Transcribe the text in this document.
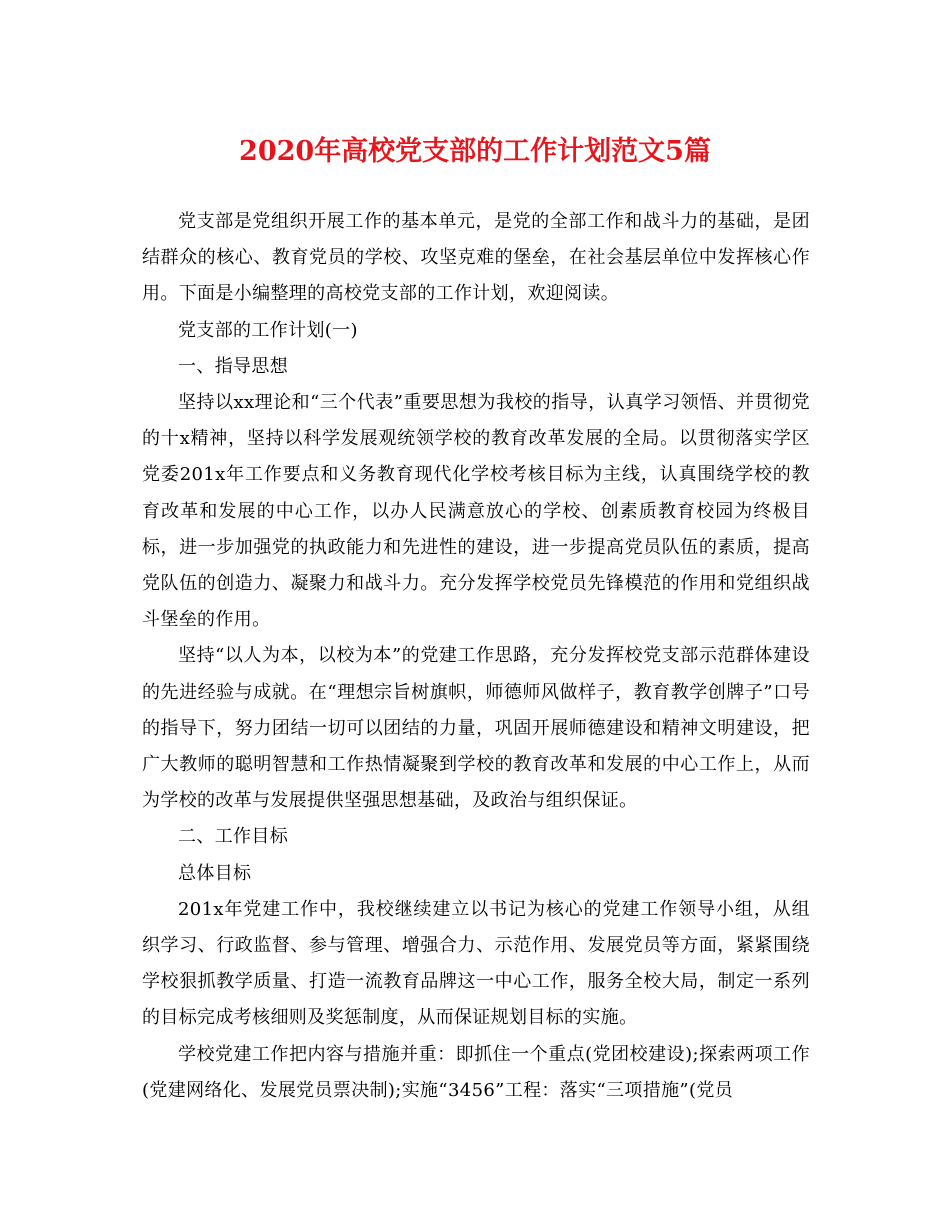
2020年高校党支部的工作计划范文5篇

党支部是党组织开展工作的基本单元，是党的全部工作和战斗力的基础，是团结群众的核心、教育党员的学校、攻坚克难的堡垒，在社会基层单位中发挥核心作用。下面是小编整理的高校党支部的工作计划，欢迎阅读。

党支部的工作计划(一)

一、指导思想

坚持以xx理论和“三个代表”重要思想为我校的指导，认真学习领悟、并贯彻党的十x精神，坚持以科学发展观统领学校的教育改革发展的全局。以贯彻落实学区党委201x年工作要点和义务教育现代化学校考核目标为主线，认真围绕学校的教育改革和发展的中心工作，以办人民满意放心的学校、创素质教育校园为终极目标，进一步加强党的执政能力和先进性的建设，进一步提高党员队伍的素质，提高党队伍的创造力、凝聚力和战斗力。充分发挥学校党员先锋模范的作用和党组织战斗堡垒的作用。

坚持“以人为本，以校为本”的党建工作思路，充分发挥校党支部示范群体建设的先进经验与成就。在“理想宗旨树旗帜，师德师风做样子，教育教学创牌子”口号的指导下，努力团结一切可以团结的力量，巩固开展师德建设和精神文明建设，把广大教师的聪明智慧和工作热情凝聚到学校的教育改革和发展的中心工作上，从而为学校的改革与发展提供坚强思想基础，及政治与组织保证。

二、工作目标

总体目标

201x年党建工作中，我校继续建立以书记为核心的党建工作领导小组，从组织学习、行政监督、参与管理、增强合力、示范作用、发展党员等方面，紧紧围绕学校狠抓教学质量、打造一流教育品牌这一中心工作，服务全校大局，制定一系列的目标完成考核细则及奖惩制度，从而保证规划目标的实施。

学校党建工作把内容与措施并重：即抓住一个重点(党团校建设);探索两项工作(党建网络化、发展党员票决制);实施“3456”工程：落实“三项措施”(党员
